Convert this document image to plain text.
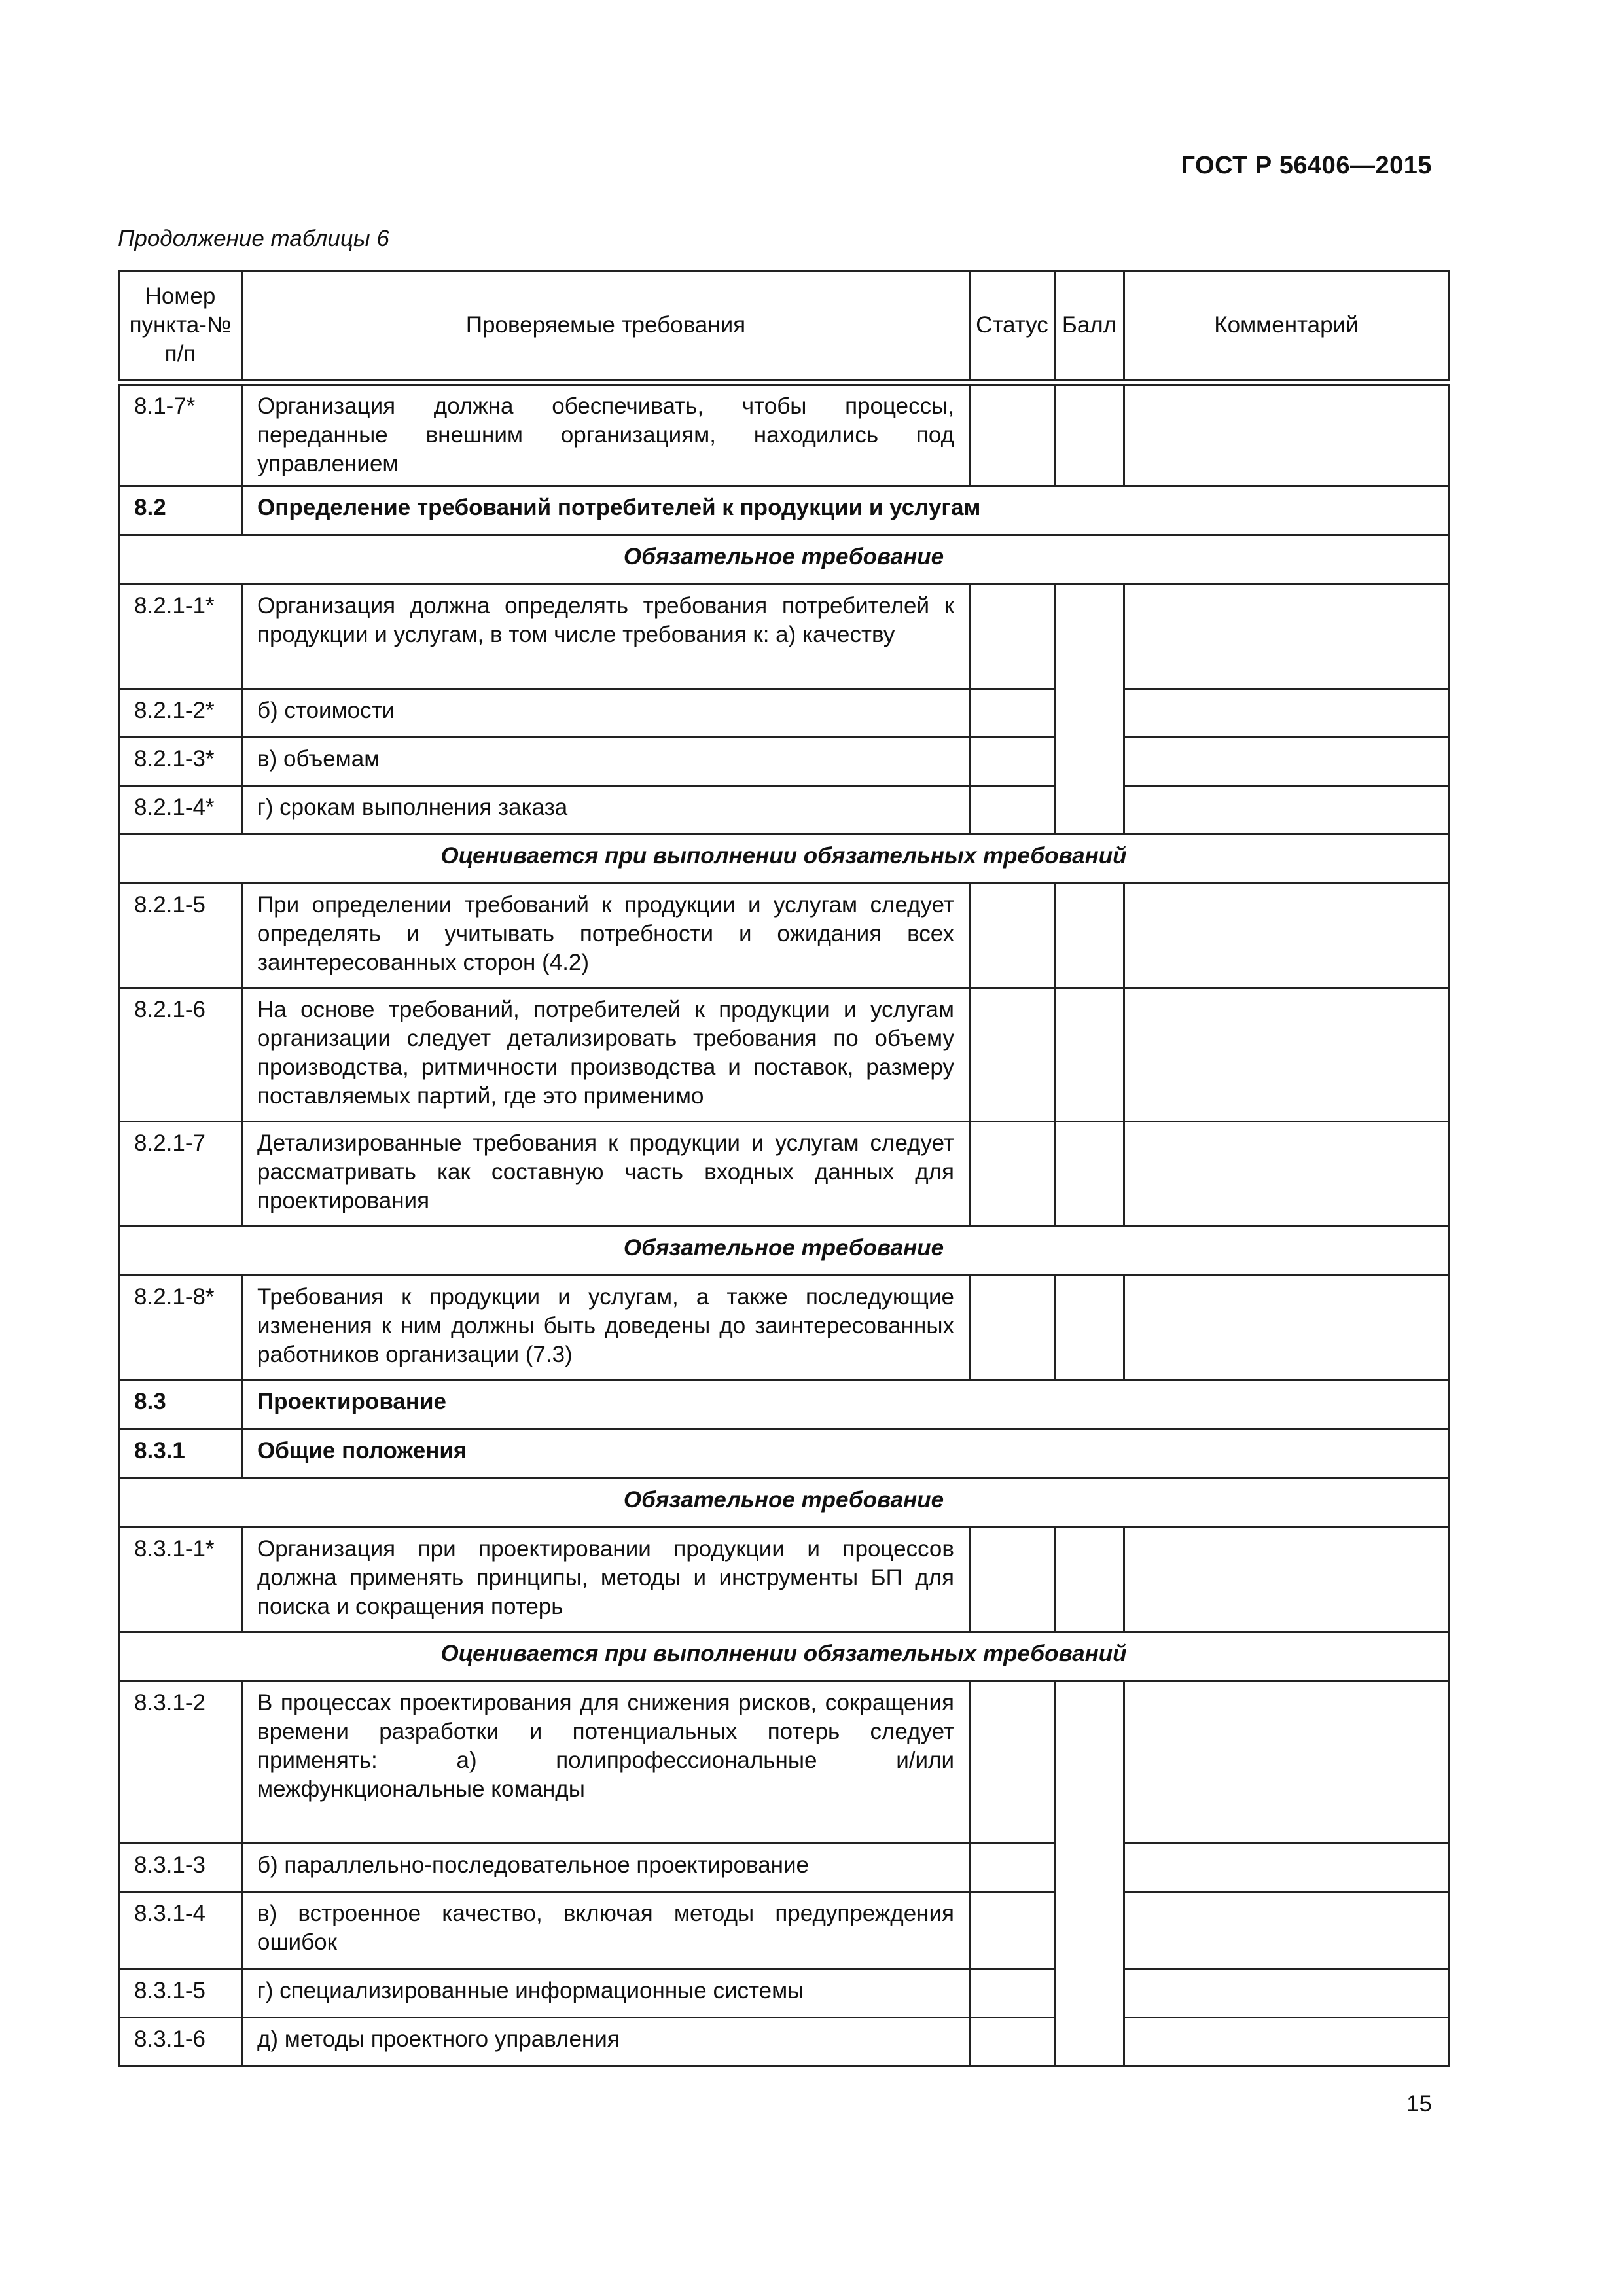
ГОСТ Р 56406—2015
Продолжение таблицы 6
Номер пункта-№ п/п	Проверяемые требования	Статус	Балл	Комментарий
8.1-7*	Организация должна обеспечивать, чтобы процессы, переданные внешним организациям, находились под управлением			
8.2	Определение требований потребителей к продукции и услугам			
Обязательное требование				
8.2.1-1*	Организация должна определять требования потребителей к продукции и услугам, в том числе требования к: а) качеству			
8.2.1-2*	б) стоимости			
8.2.1-3*	в) объемам			
8.2.1-4*	г) срокам выполнения заказа			
Оценивается при выполнении обязательных требований				
8.2.1-5	При определении требований к продукции и услугам следует определять и учитывать потребности и ожидания всех заинтересованных сторон (4.2)			
8.2.1-6	На основе требований, потребителей к продукции и услугам организации следует детализировать требования по объему производства, ритмичности производства и поставок, размеру поставляемых партий, где это применимо			
8.2.1-7	Детализированные требования к продукции и услугам следует рассматривать как составную часть входных данных для проектирования			
Обязательное требование				
8.2.1-8*	Требования к продукции и услугам, а также последующие изменения к ним должны быть доведены до заинтересованных работников организации (7.3)			
8.3	Проектирование			
8.3.1	Общие положения			
Обязательное требование				
8.3.1-1*	Организация при проектировании продукции и процессов должна применять принципы, методы и инструменты БП для поиска и сокращения потерь			
Оценивается при выполнении обязательных требований				
8.3.1-2	В процессах проектирования для снижения рисков, сокращения времени разработки и потенциальных потерь следует применять: а) полипрофессиональные и/или межфункциональные команды			
8.3.1-3	б) параллельно-последовательное проектирование			
8.3.1-4	в) встроенное качество, включая методы предупреждения ошибок			
8.3.1-5	г) специализированные информационные системы			
8.3.1-6	д) методы проектного управления			
15
